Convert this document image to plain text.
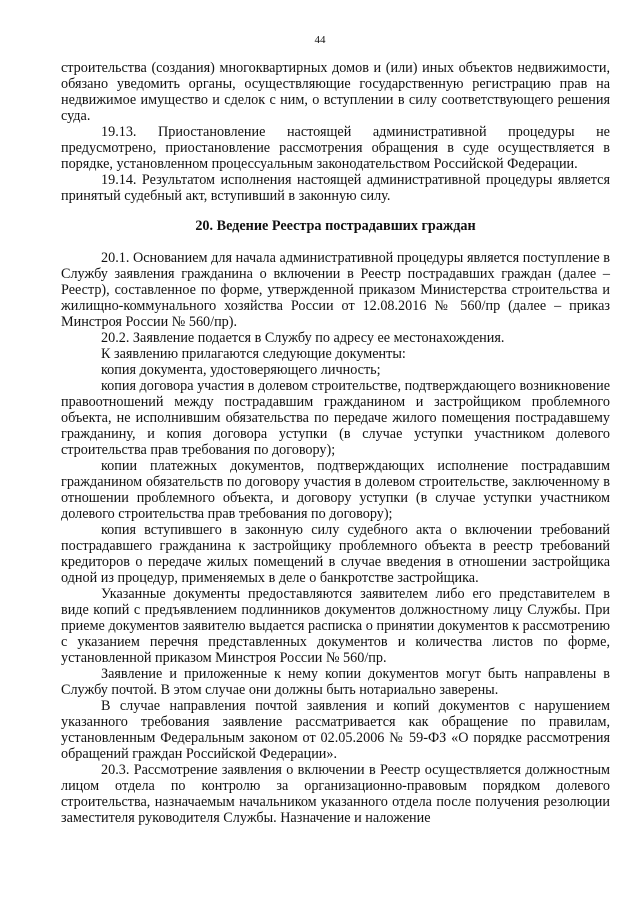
44

строительства (создания) многоквартирных домов и (или) иных объектов недвижимости, обязано уведомить органы, осуществляющие государственную регистрацию прав на недвижимое имущество и сделок с ним, о вступлении в силу соответствующего решения суда.

19.13. Приостановление настоящей административной процедуры не предусмотрено, приостановление рассмотрения обращения в суде осуществляется в порядке, установленном процессуальным законодательством Российской Федерации.

19.14. Результатом исполнения настоящей административной процедуры является принятый судебный акт, вступивший в законную силу.

20. Ведение Реестра пострадавших граждан

20.1. Основанием для начала административной процедуры является поступление в Службу заявления гражданина о включении в Реестр пострадавших граждан (далее – Реестр), составленное по форме, утвержденной приказом Министерства строительства и жилищно-коммунального хозяйства России от 12.08.2016 № 560/пр (далее – приказ Минстроя России № 560/пр).

20.2. Заявление подается в Службу по адресу ее местонахождения.

К заявлению прилагаются следующие документы:

копия документа, удостоверяющего личность;

копия договора участия в долевом строительстве, подтверждающего возникновение правоотношений между пострадавшим гражданином и застройщиком проблемного объекта, не исполнившим обязательства по передаче жилого помещения пострадавшему гражданину, и копия договора уступки (в случае уступки участником долевого строительства прав требования по договору);

копии платежных документов, подтверждающих исполнение пострадавшим гражданином обязательств по договору участия в долевом строительстве, заключенному в отношении проблемного объекта, и договору уступки (в случае уступки участником долевого строительства прав требования по договору);

копия вступившего в законную силу судебного акта о включении требований пострадавшего гражданина к застройщику проблемного объекта в реестр требований кредиторов о передаче жилых помещений в случае введения в отношении застройщика одной из процедур, применяемых в деле о банкротстве застройщика.

Указанные документы предоставляются заявителем либо его представителем в виде копий с предъявлением подлинников документов должностному лицу Службы. При приеме документов заявителю выдается расписка о принятии документов к рассмотрению с указанием перечня представленных документов и количества листов по форме, установленной приказом Минстроя России № 560/пр.

Заявление и приложенные к нему копии документов могут быть направлены в Службу почтой. В этом случае они должны быть нотариально заверены.

В случае направления почтой заявления и копий документов с нарушением указанного требования заявление рассматривается как обращение по правилам, установленным Федеральным законом от 02.05.2006 № 59-ФЗ «О порядке рассмотрения обращений граждан Российской Федерации».

20.3. Рассмотрение заявления о включении в Реестр осуществляется должностным лицом отдела по контролю за организационно-правовым порядком долевого строительства, назначаемым начальником указанного отдела после получения резолюции заместителя руководителя Службы. Назначение и наложение
